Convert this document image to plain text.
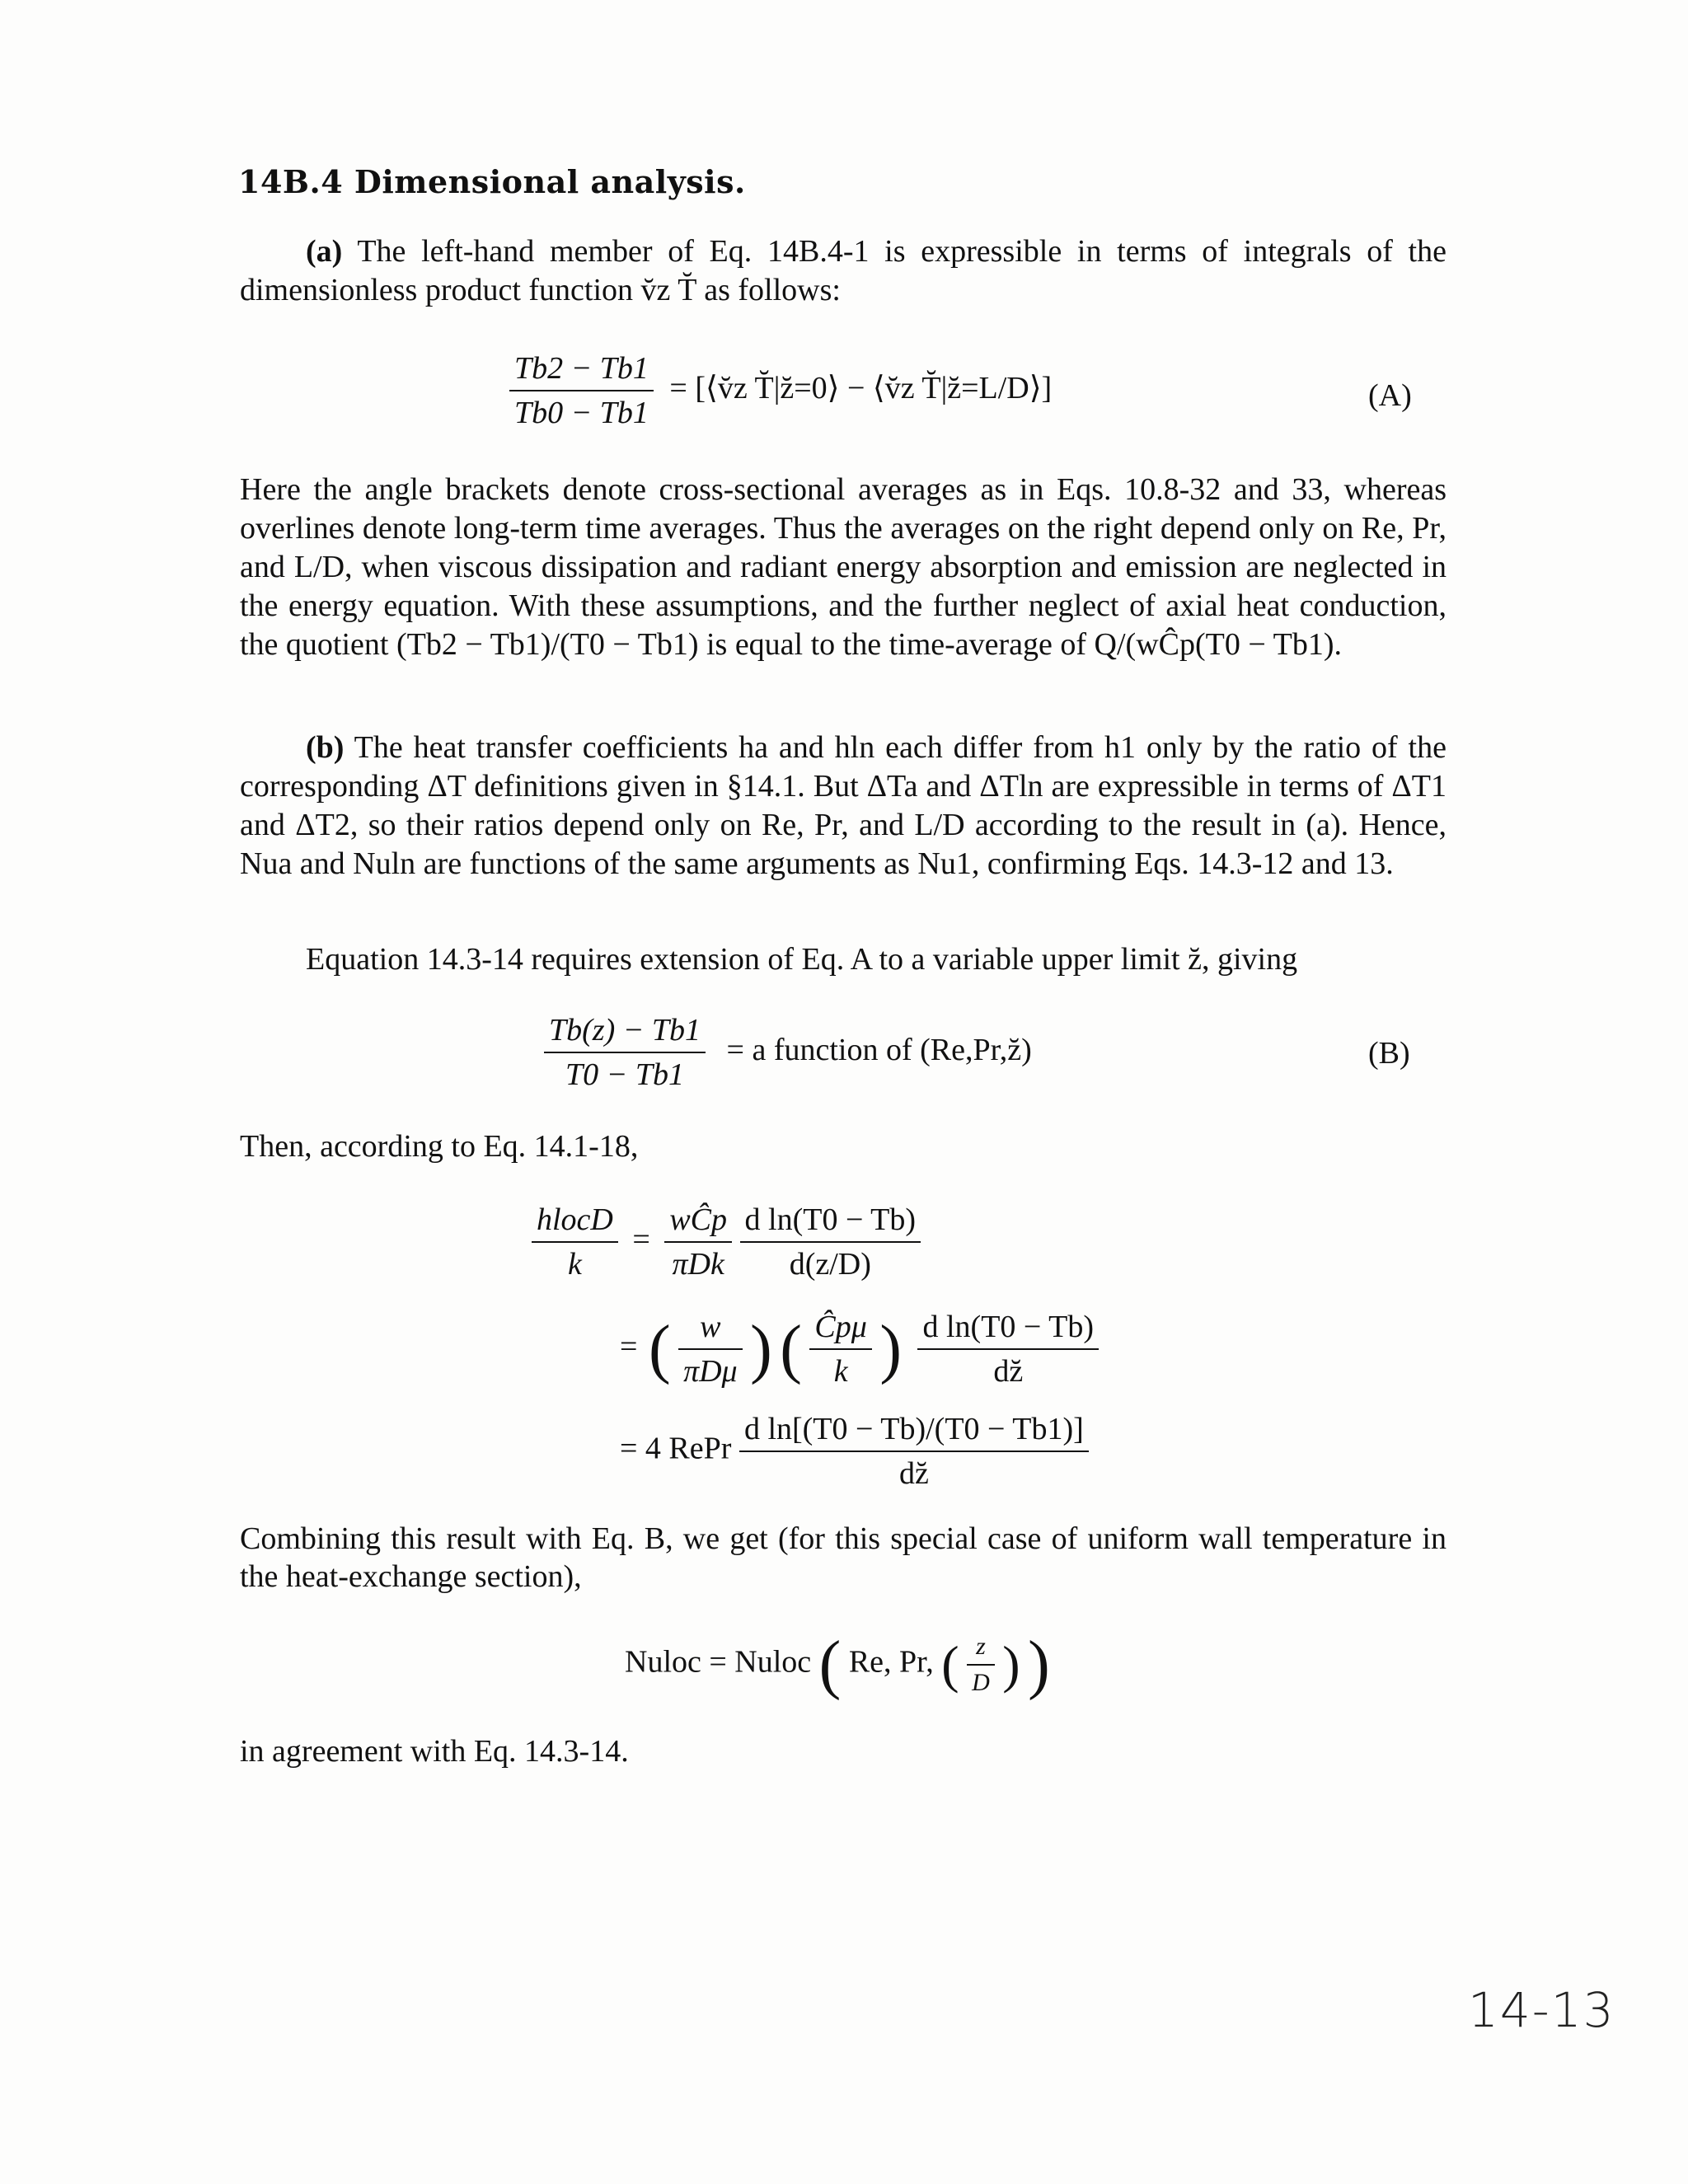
14B.4 Dimensional analysis.
(a) The left-hand member of Eq. 14B.4-1 is expressible in terms of integrals of the dimensionless product function v̆z T̆ as follows:
$\frac{Tb2 - Tb1}{Tb0 - Tb1}$ = [⟨v̆z T̆|z̆=0⟩ − ⟨v̆z T̆|z̆=L/D⟩]	(A)
Here the angle brackets denote cross-sectional averages as in Eqs. 10.8-32 and 33, whereas overlines denote long-term time averages. Thus the averages on the right depend only on Re, Pr, and L/D, when viscous dissipation and radiant energy absorption and emission are neglected in the energy equation. With these assumptions, and the further neglect of axial heat conduction, the quotient (Tb2 − Tb1)/(T0 − Tb1) is equal to the time-average of Q/(wĈp(T0 − Tb1).
(b) The heat transfer coefficients ha and hln each differ from h1 only by the ratio of the corresponding ΔT definitions given in §14.1. But ΔTa and ΔTln are expressible in terms of ΔT1 and ΔT2, so their ratios depend only on Re, Pr, and L/D according to the result in (a). Hence, Nua and Nuln are functions of the same arguments as Nu1, confirming Eqs. 14.3-12 and 13.
Equation 14.3-14 requires extension of Eq. A to a variable upper limit z̆, giving
$\frac{Tb(z) - Tb1}{T0 - Tb1} = a$ function of (Re,Pr,z̆)	(B)
Then, according to Eq. 14.1-18,
$\frac{\text{hlocD}}{k} = \frac{\text{wĈp}}{\text{πDk}}$
$\frac{\text{d ln(T0 − Tb)}}{d(z/D)}$
= ( $\frac{w}{\text{πDμ}}$ ) ( $\frac{\text{Ĉpμ}}{k}$ ) $\frac{\text{d ln(T0 − Tb)}}{dz̆}$
= 4 RePr $\frac{\text{d ln[(T0 − Tb)/(T0 − Tb1)]}}{dz̆}$
Combining this result with Eq. B, we get (for this special case of uniform wall temperature in the heat-exchange section),
Nuloc = Nuloc ( Re, Pr, ( $\frac{z}{D}$ ) )
in agreement with Eq. 14.3-14.
14-13
